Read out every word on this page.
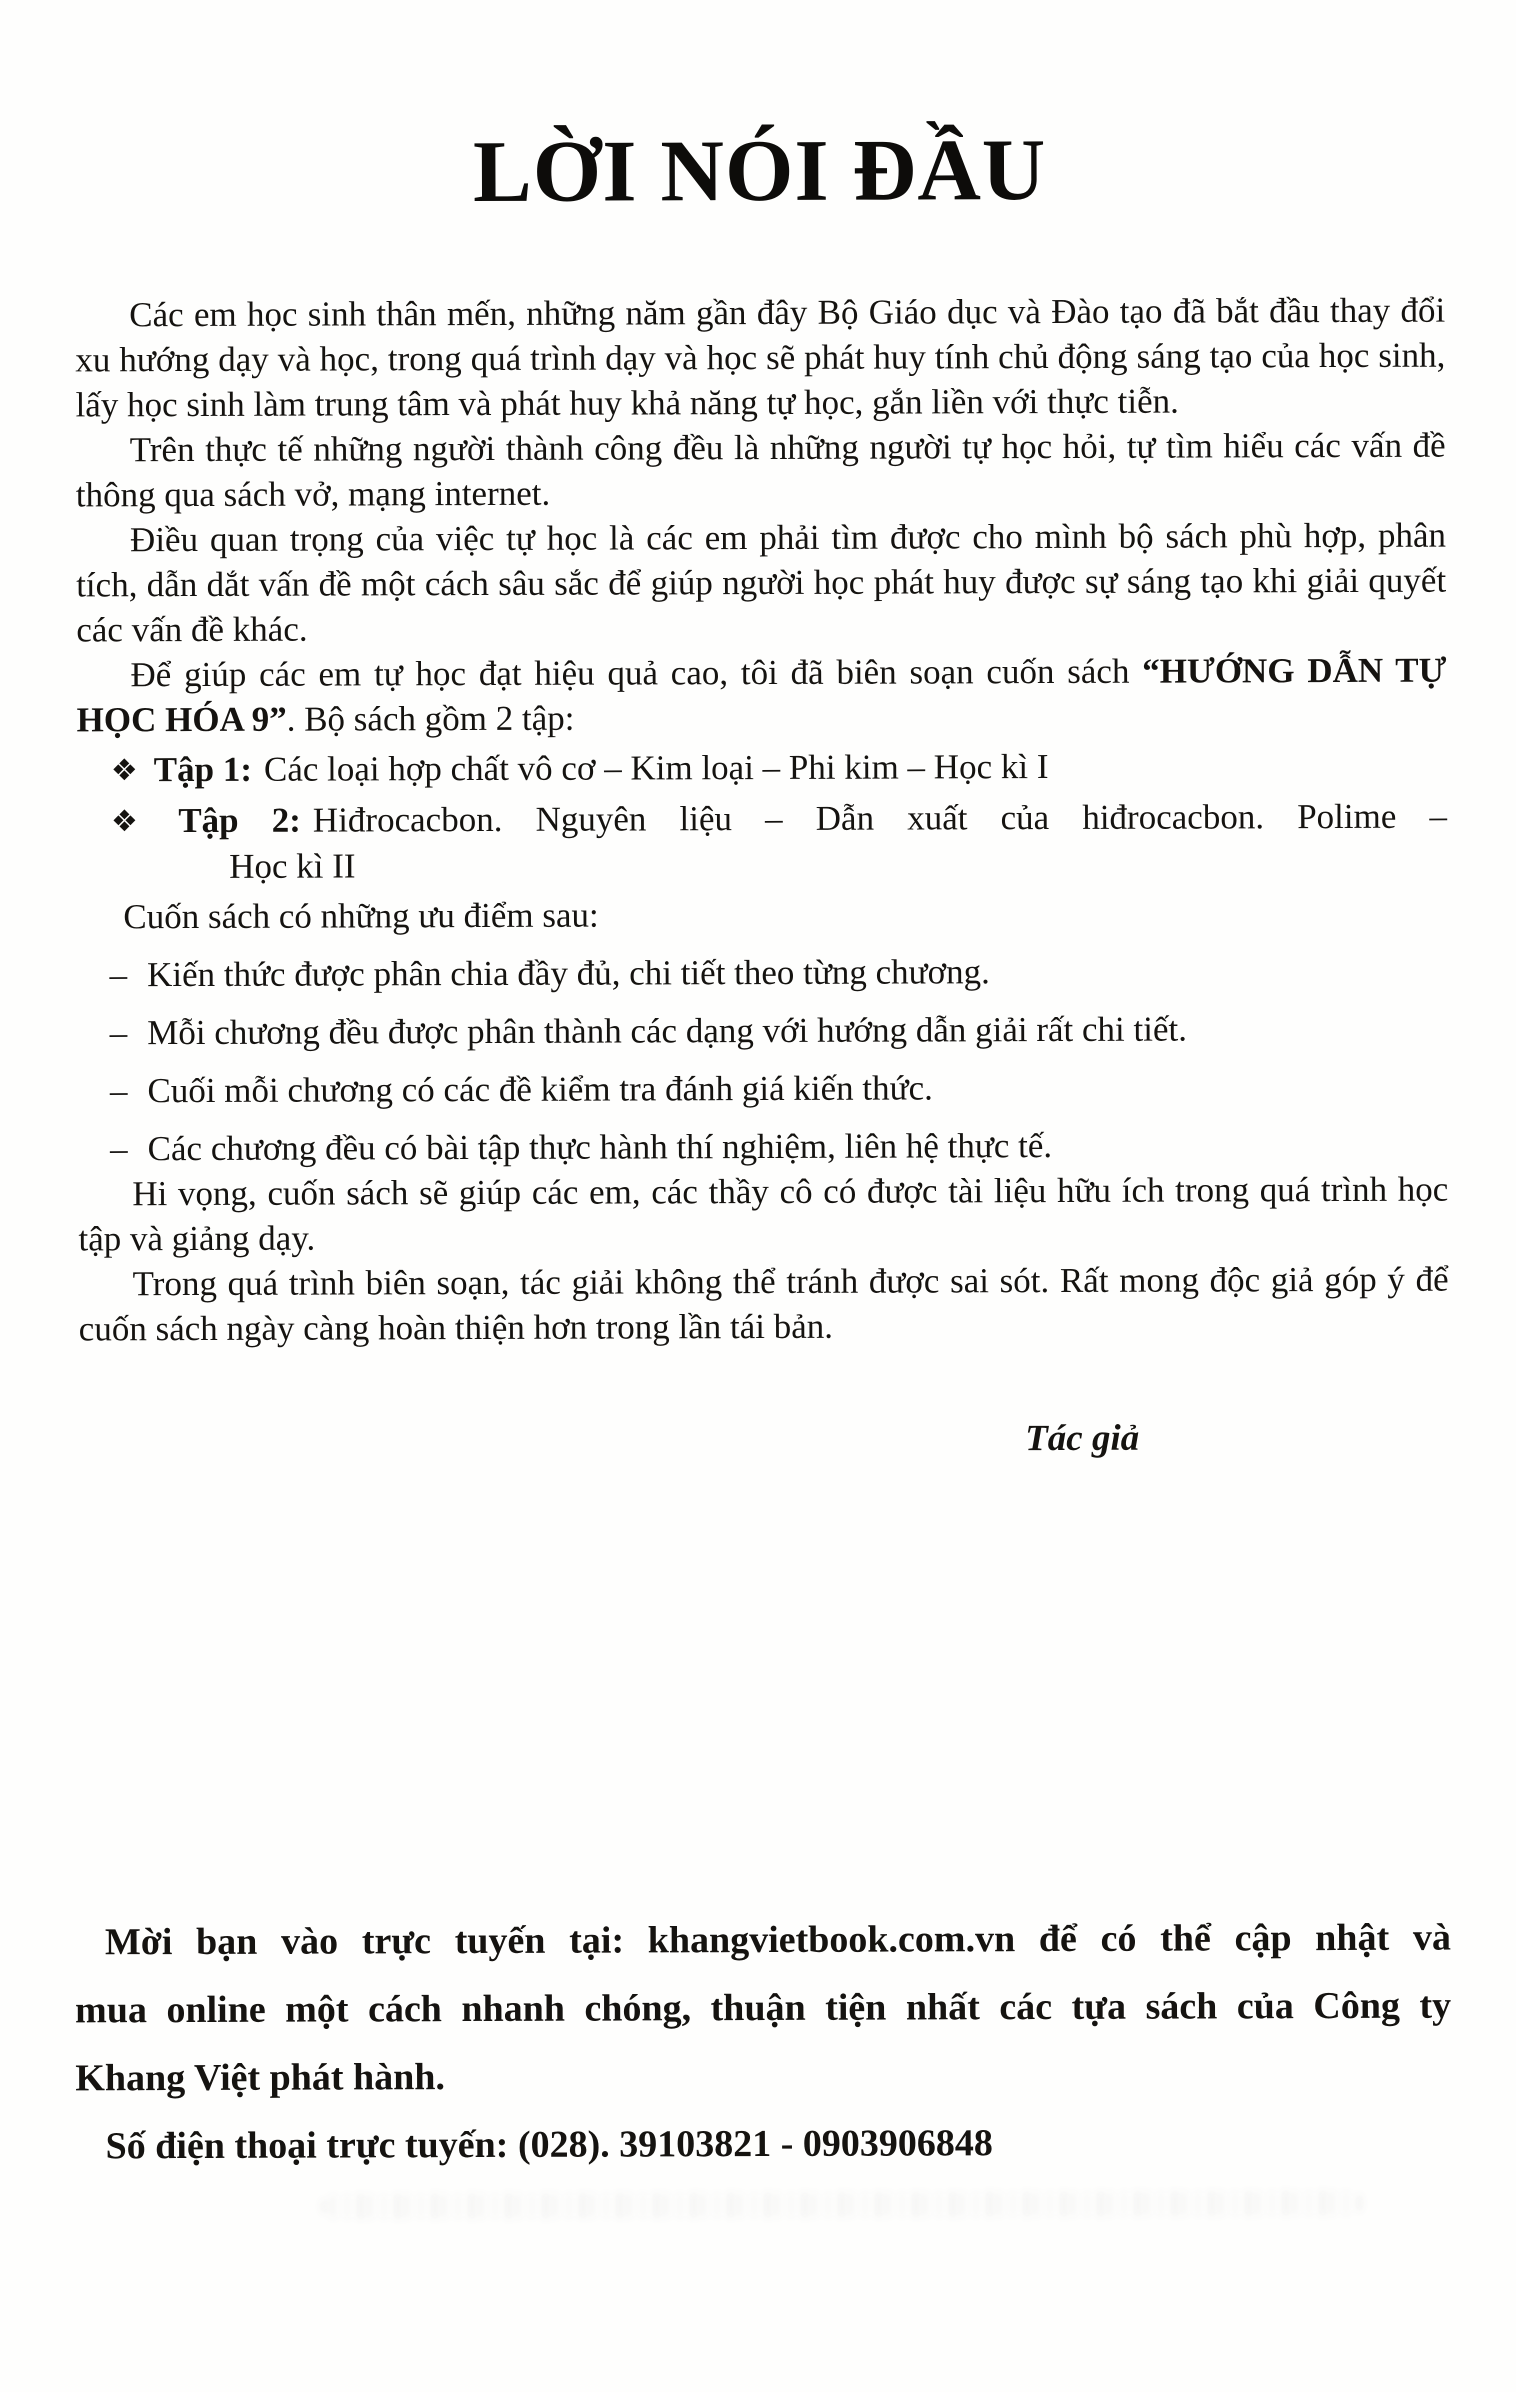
LỜI NÓI ĐẦU

Các em học sinh thân mến, những năm gần đây Bộ Giáo dục và Đào tạo đã bắt đầu thay đổi xu hướng dạy và học, trong quá trình dạy và học sẽ phát huy tính chủ động sáng tạo của học sinh, lấy học sinh làm trung tâm và phát huy khả năng tự học, gắn liền với thực tiễn.

Trên thực tế những người thành công đều là những người tự học hỏi, tự tìm hiểu các vấn đề thông qua sách vở, mạng internet.

Điều quan trọng của việc tự học là các em phải tìm được cho mình bộ sách phù hợp, phân tích, dẫn dắt vấn đề một cách sâu sắc để giúp người học phát huy được sự sáng tạo khi giải quyết các vấn đề khác.

Để giúp các em tự học đạt hiệu quả cao, tôi đã biên soạn cuốn sách “HƯỚNG DẪN TỰ HỌC HÓA 9”. Bộ sách gồm 2 tập:

❖ Tập 1: Các loại hợp chất vô cơ – Kim loại – Phi kim – Học kì I
❖ Tập 2: Hiđrocacbon. Nguyên liệu – Dẫn xuất của hiđrocacbon. Polime –
Học kì II

Cuốn sách có những ưu điểm sau:

– Kiến thức được phân chia đầy đủ, chi tiết theo từng chương.
– Mỗi chương đều được phân thành các dạng với hướng dẫn giải rất chi tiết.
– Cuối mỗi chương có các đề kiểm tra đánh giá kiến thức.
– Các chương đều có bài tập thực hành thí nghiệm, liên hệ thực tế.

Hi vọng, cuốn sách sẽ giúp các em, các thầy cô có được tài liệu hữu ích trong quá trình học tập và giảng dạy.

Trong quá trình biên soạn, tác giải không thể tránh được sai sót. Rất mong độc giả góp ý để cuốn sách ngày càng hoàn thiện hơn trong lần tái bản.

Tác giả
Mời bạn vào trực tuyến tại: khangvietbook.com.vn để có thể cập nhật và
mua online một cách nhanh chóng, thuận tiện nhất các tựa sách của Công ty
Khang Việt phát hành.
Số điện thoại trực tuyến: (028). 39103821 - 0903906848
